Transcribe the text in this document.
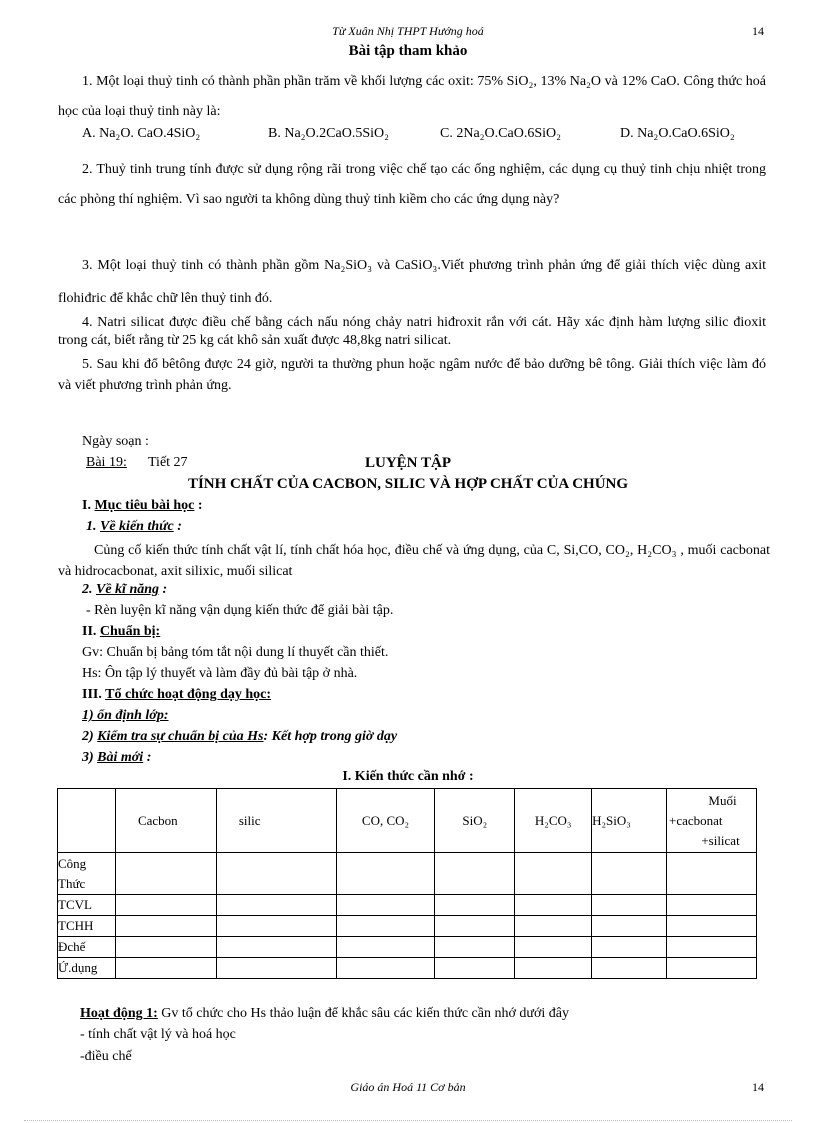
Từ Xuân Nhị THPT Hướng hoá	14
Bài tập tham khảo

1. Một loại thuỷ tinh có thành phần phần trăm về khối lượng các oxit: 75% SiO₂, 13% Na₂O và 12% CaO. Công thức hoá học của loại thuỷ tinh này là:

A. Na₂O. CaO.4SiO₂	B. Na₂O.2CaO.5SiO₂	C. 2Na₂O.CaO.6SiO₂	D. Na₂O.CaO.6SiO₂

2. Thuỷ tinh trung tính được sử dụng rộng rãi trong việc chế tạo các ống nghiệm, các dụng cụ thuỷ tinh chịu nhiệt trong các phòng thí nghiệm. Vì sao người ta không dùng thuỷ tinh kiềm cho các ứng dụng này?

3. Một loại thuỷ tinh có thành phần gồm Na₂SiO₃ và CaSiO₃.Viết phương trình phản ứng để giải thích việc dùng axit flohiđric để khắc chữ lên thuỷ tinh đó.

4. Natri silicat được điều chế bằng cách nấu nóng chảy natri hiđroxit rắn với cát. Hãy xác định hàm lượng silic đioxit trong cát, biết rằng từ 25 kg cát khô sản xuất được 48,8kg natri silicat.

5. Sau khi đổ bêtông được 24 giờ, người ta thường phun hoặc ngâm nước để bảo dưỡng bê tông. Giải thích việc làm đó và viết phương trình phản ứng.

Ngày soạn :
Bài 19: Tiết 27	LUYỆN TẬP
TÍNH CHẤT CỦA CACBON, SILIC VÀ HỢP CHẤT CỦA CHÚNG
I. Mục tiêu bài học :
1. Về kiến thức :
Củng cố kiến thức tính chất vật lí, tính chất hóa học, điều chế và ứng dụng, của C, Si,CO, CO₂, H₂CO₃ , muối cacbonat và hidrocacbonat, axit silixic, muối silicat
2. Về kĩ năng :
- Rèn luyện kĩ năng vận dụng kiến thức để giải bài tập.
II. Chuẩn bị:
Gv: Chuẩn bị bảng tóm tắt nội dung lí thuyết cần thiết.
Hs: Ôn tập lý thuyết và làm đầy đủ bài tập ở nhà.
III. Tổ chức hoạt động dạy học:
1) ổn định lớp:
2) Kiểm tra sự chuẩn bị của Hs: Kết hợp trong giờ dạy
3) Bài mới :
I. Kiến thức cần nhớ :
	Cacbon	silic	CO, CO₂	SiO₂	H₂CO₃	H₂SiO₃	Muối
+cacbonat
+silicat

Công Thức							
TCVL							
TCHH							
Đchế							
Ứ.dụng							
Hoạt động 1: Gv tổ chức cho Hs thảo luận để khắc sâu các kiến thức cần nhớ dưới đây
- tính chất vật lý và hoá học
-điều chế
Giáo án Hoá 11 Cơ bản	14
